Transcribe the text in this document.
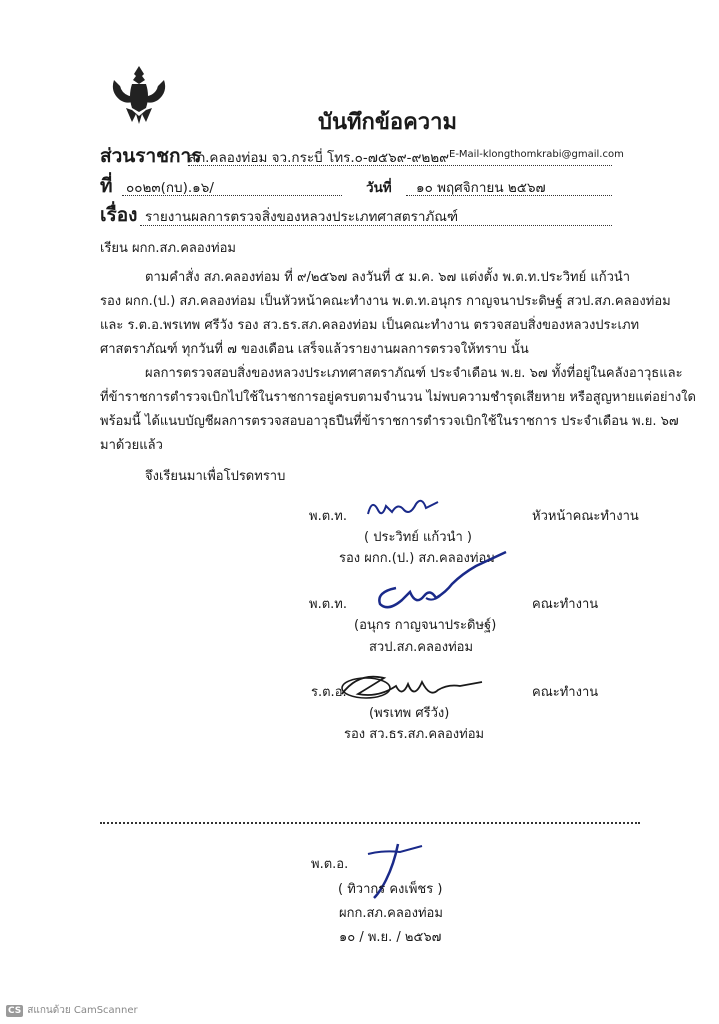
บันทึกข้อความ
ส่วนราชการ
สภ.คลองท่อม จว.กระบี่ โทร.๐-๗๕๖๙-๙๒๒๙ E-Mail-klongthomkrabi@gmail.com
ที่ ๐๐๒๓(กบ).๑๖/	วันที่ ๑๐ พฤศจิกายน ๒๕๖๗
เรื่อง รายงานผลการตรวจสิ่งของหลวงประเภทศาสตราภัณฑ์
เรียน ผกก.สภ.คลองท่อม
ตามคำสั่ง สภ.คลองท่อม ที่ ๙/๒๕๖๗ ลงวันที่ ๕ ม.ค. ๖๗ แต่งตั้ง พ.ต.ท.ประวิทย์ แก้วนำ
รอง ผกก.(ป.) สภ.คลองท่อม เป็นหัวหน้าคณะทำงาน พ.ต.ท.อนุกร กาญจนาประดิษฐ์ สวป.สภ.คลองท่อม
และ ร.ต.อ.พรเทพ ศรีวัง รอง สว.ธร.สภ.คลองท่อม เป็นคณะทำงาน ตรวจสอบสิ่งของหลวงประเภท
ศาสตราภัณฑ์ ทุกวันที่ ๗ ของเดือน เสร็จแล้วรายงานผลการตรวจให้ทราบ นั้น
ผลการตรวจสอบสิ่งของหลวงประเภทศาสตราภัณฑ์ ประจำเดือน พ.ย. ๖๗ ทั้งที่อยู่ในคลังอาวุธและ
ที่ข้าราชการตำรวจเบิกไปใช้ในราชการอยู่ครบตามจำนวน ไม่พบความชำรุดเสียหาย หรือสูญหายแต่อย่างใด
พร้อมนี้ ได้แนบบัญชีผลการตรวจสอบอาวุธปืนที่ข้าราชการตำรวจเบิกใช้ในราชการ ประจำเดือน พ.ย. ๖๗
มาด้วยแล้ว
จึงเรียนมาเพื่อโปรดทราบ
พ.ต.ท.	หัวหน้าคณะทำงาน
( ประวิทย์ แก้วนำ )
รอง ผกก.(ป.) สภ.คลองท่อม
พ.ต.ท.	คณะทำงาน
(อนุกร กาญจนาประดิษฐ์)
สวป.สภ.คลองท่อม
ร.ต.อ.	คณะทำงาน
(พรเทพ ศรีวัง)
รอง สว.ธร.สภ.คลองท่อม
พ.ต.อ.
( ทิวากร คงเพ็ชร )
ผกก.สภ.คลองท่อม
๑๐ / พ.ย. / ๒๕๖๗
CS สแกนด้วย CamScanner
